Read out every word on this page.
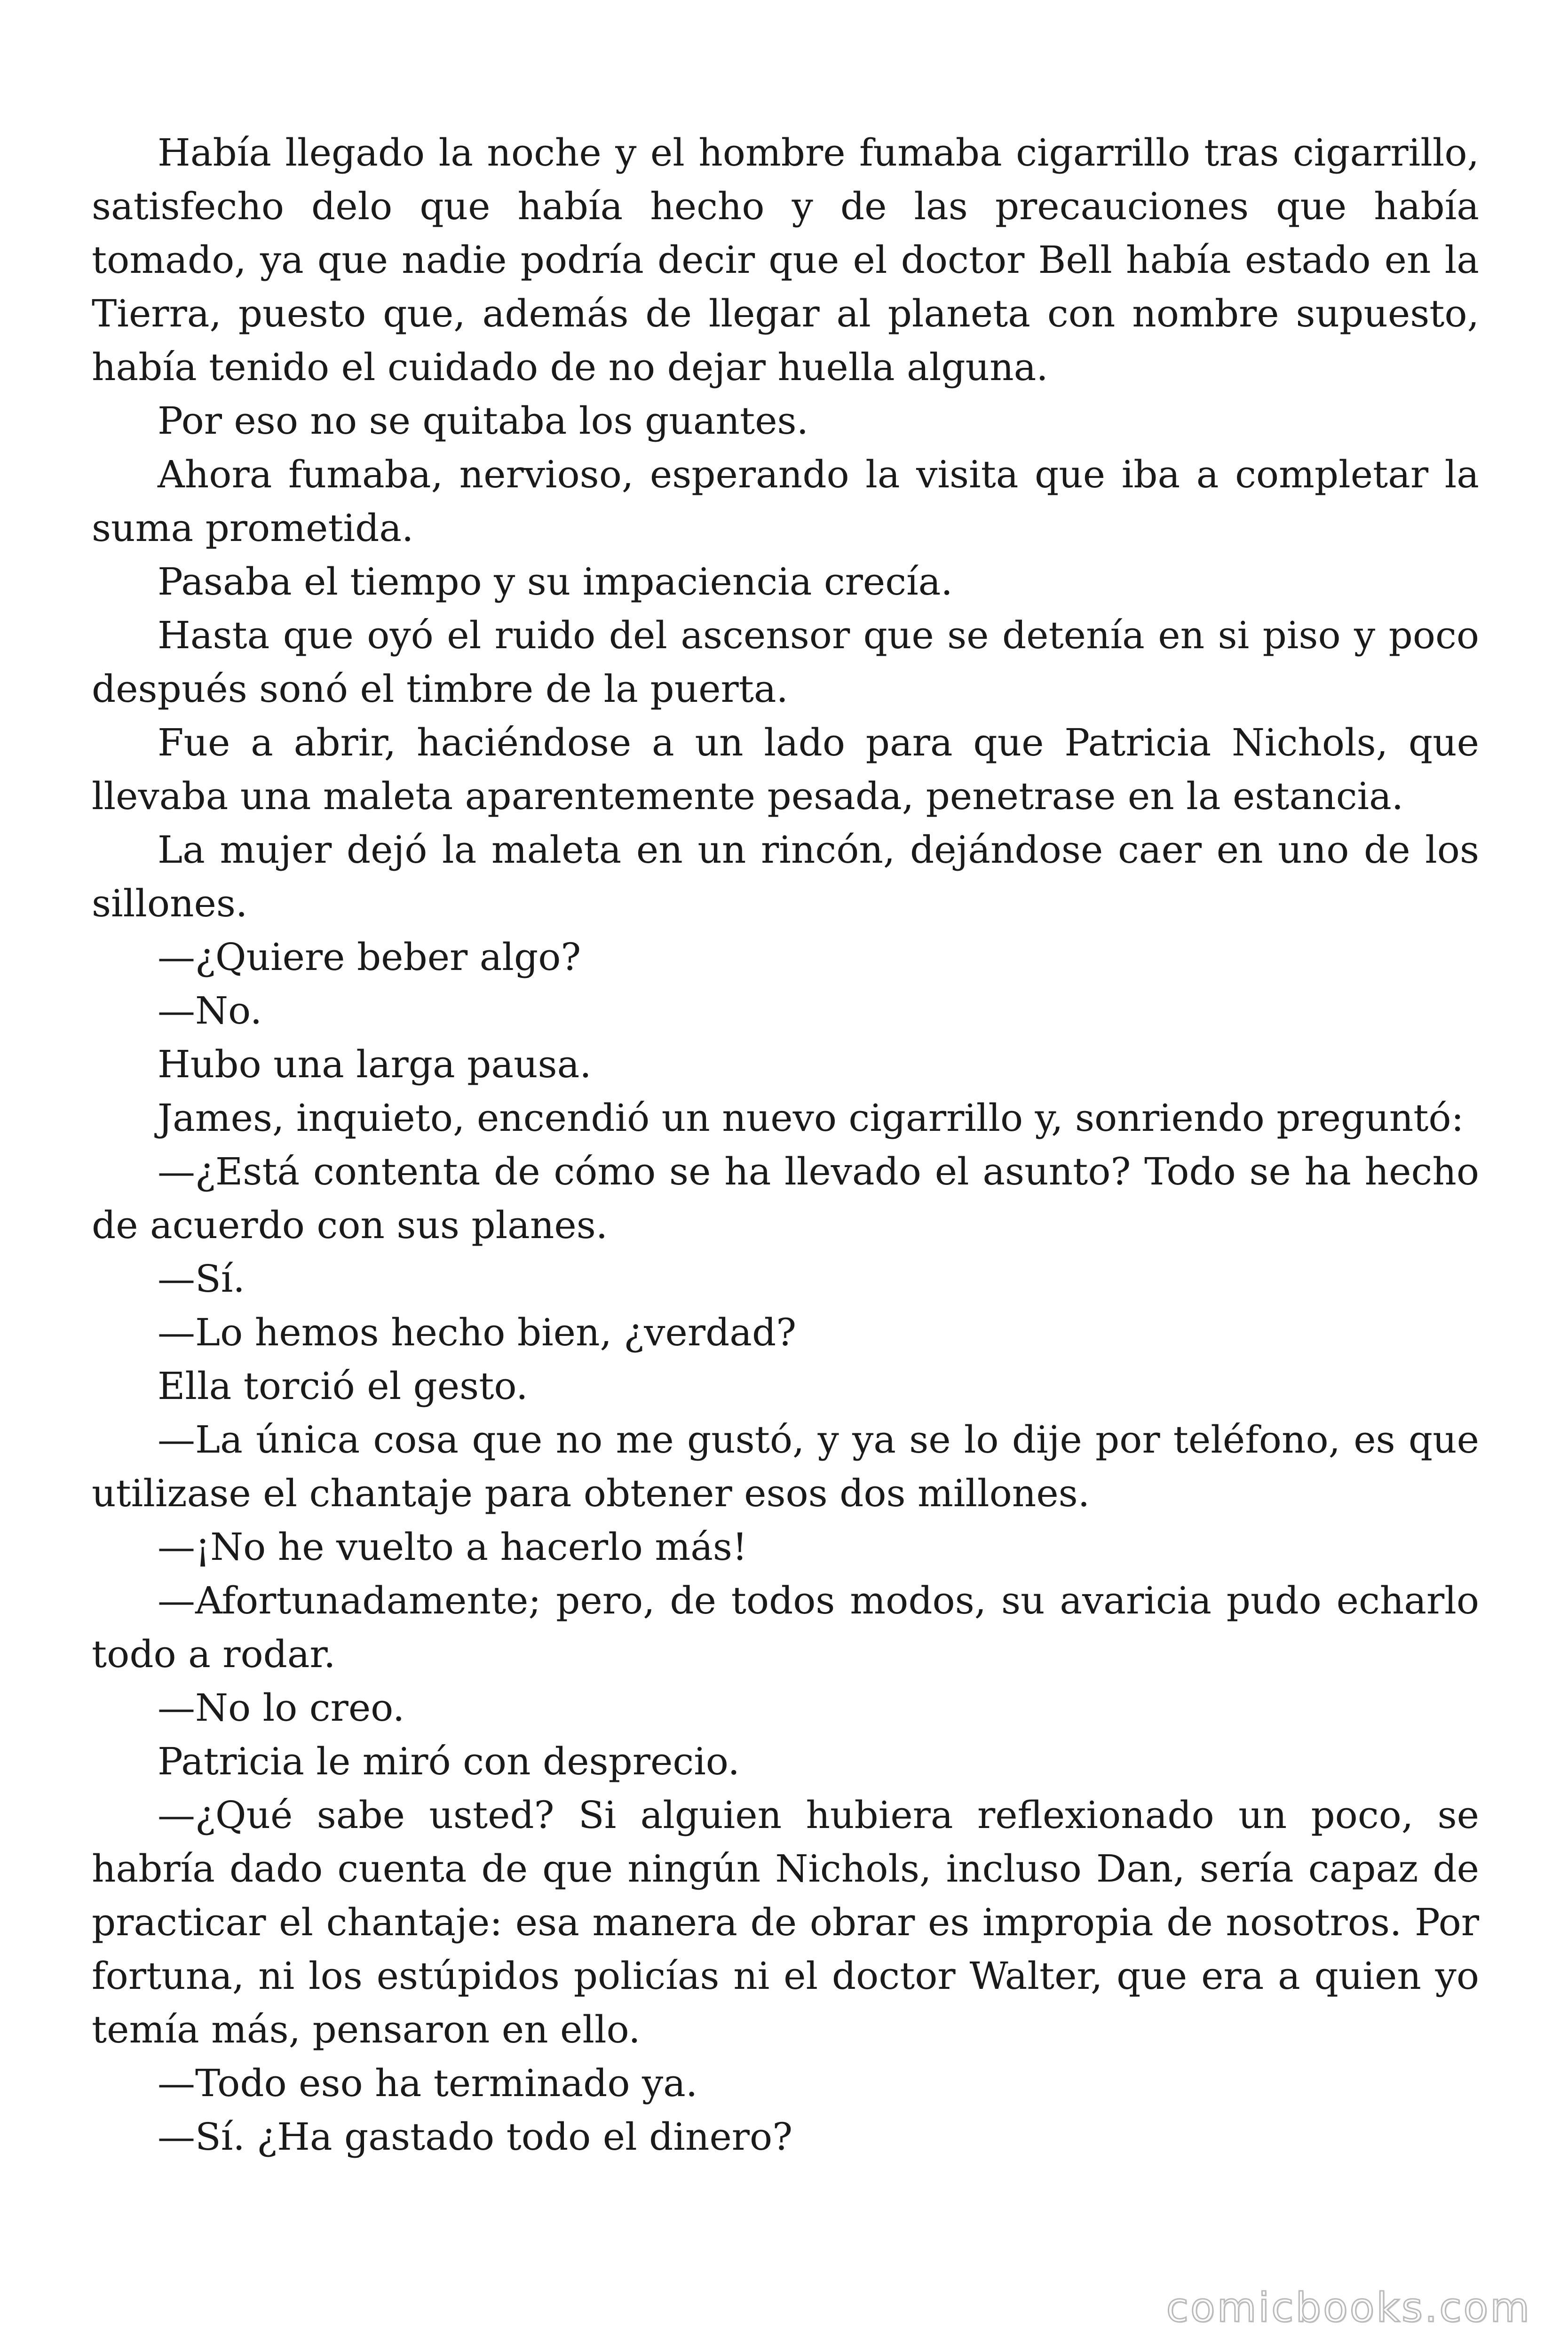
Había llegado la noche y el hombre fumaba cigarrillo tras cigarrillo, satisfecho delo que había hecho y de las precauciones que había tomado, ya que nadie podría decir que el doctor Bell había estado en la Tierra, puesto que, además de llegar al planeta con nombre supuesto, había tenido el cuidado de no dejar huella alguna.

Por eso no se quitaba los guantes.

Ahora fumaba, nervioso, esperando la visita que iba a completar la suma prometida.

Pasaba el tiempo y su impaciencia crecía.

Hasta que oyó el ruido del ascensor que se detenía en si piso y poco después sonó el timbre de la puerta.

Fue a abrir, haciéndose a un lado para que Patricia Nichols, que llevaba una maleta aparentemente pesada, penetrase en la estancia.

La mujer dejó la maleta en un rincón, dejándose caer en uno de los sillones.

—¿Quiere beber algo?

—No.

Hubo una larga pausa.

James, inquieto, encendió un nuevo cigarrillo y, sonriendo preguntó:

—¿Está contenta de cómo se ha llevado el asunto? Todo se ha hecho de acuerdo con sus planes.

—Sí.

—Lo hemos hecho bien, ¿verdad?

Ella torció el gesto.

—La única cosa que no me gustó, y ya se lo dije por teléfono, es que utilizase el chantaje para obtener esos dos millones.

—¡No he vuelto a hacerlo más!

—Afortunadamente; pero, de todos modos, su avaricia pudo echarlo todo a rodar.

—No lo creo.

Patricia le miró con desprecio.

—¿Qué sabe usted? Si alguien hubiera reflexionado un poco, se habría dado cuenta de que ningún Nichols, incluso Dan, sería capaz de practicar el chantaje: esa manera de obrar es impropia de nosotros. Por fortuna, ni los estúpidos policías ni el doctor Walter, que era a quien yo temía más, pensaron en ello.

—Todo eso ha terminado ya.

—Sí. ¿Ha gastado todo el dinero?

comicbooks.com
